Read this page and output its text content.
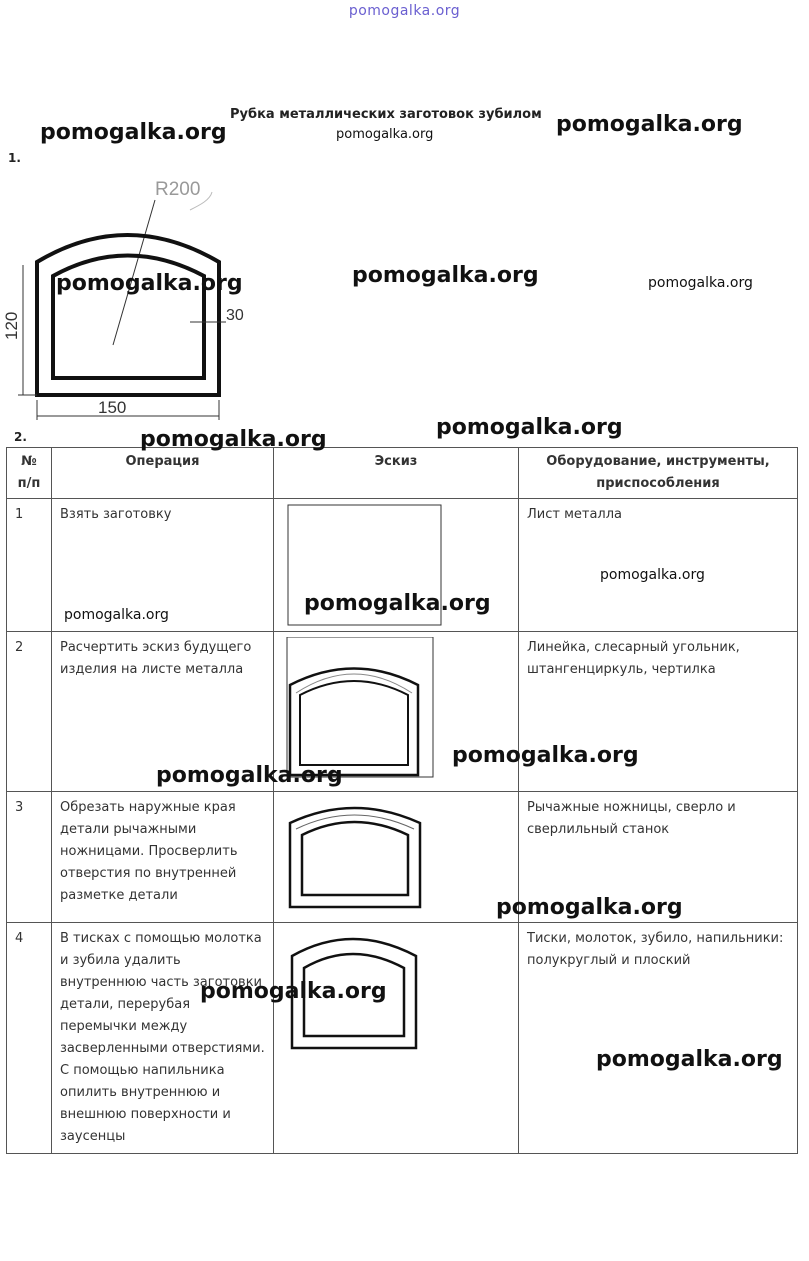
pomogalka.org
Рубка металлических заготовок зубилом
pomogalka.org
1.
R200
120
150
30
2.
№ п/п	Операция	Эскиз	Оборудование, инструменты, приспособления
1	Взять заготовку		Лист металла
2	Расчертить эскиз будущего изделия на листе металла		Линейка, слесарный угольник, штангенциркуль, чертилка
3	Обрезать наружные края детали рычажными ножницами. Просверлить отверстия по внутренней разметке детали		Рычажные ножницы, сверло и сверлильный станок
4	В тисках с помощью молотка и зубила удалить внутреннюю часть заготовки детали, перерубая перемычки между засверленными отверстиями. С помощью напильника опилить внутреннюю и внешнюю поверхности и заусенцы		Тиски, молоток, зубило, напильники: полукруглый и плоский
pomogalka.org	pomogalka.org
pomogalka.org	pomogalka.org	pomogalka.org
pomogalka.org	pomogalka.org
pomogalka.org
pomogalka.org	pomogalka.org
pomogalka.org
pomogalka.org
pomogalka.org
pomogalka.org
pomogalka.org
